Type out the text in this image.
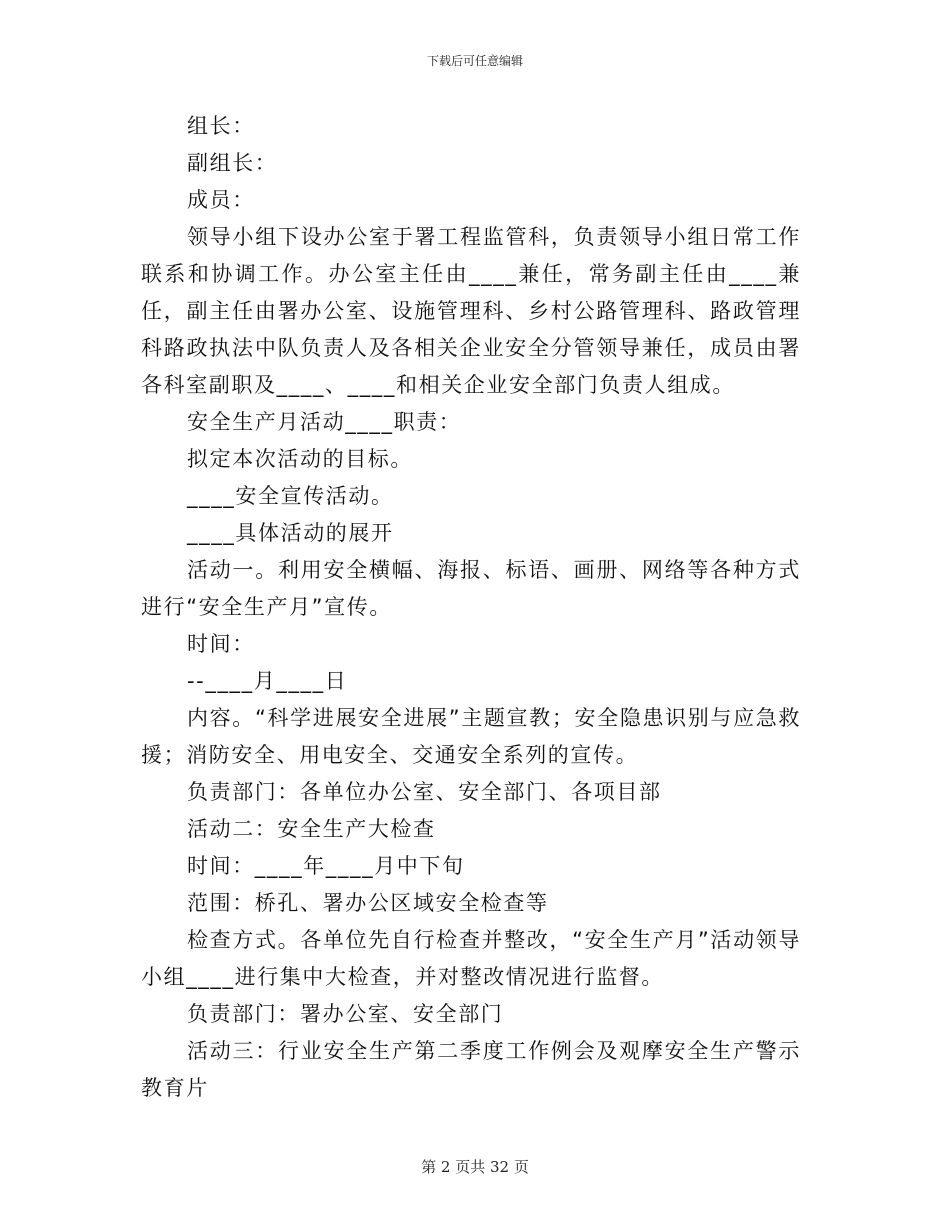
下载后可任意编辑

组长：

副组长：

成员：

领导小组下设办公室于署工程监管科，负责领导小组日常工作联系和协调工作。办公室主任由____兼任，常务副主任由____兼任，副主任由署办公室、设施管理科、乡村公路管理科、路政管理科路政执法中队负责人及各相关企业安全分管领导兼任，成员由署各科室副职及____、____和相关企业安全部门负责人组成。

安全生产月活动____职责：

拟定本次活动的目标。

____安全宣传活动。

____具体活动的展开

活动一。利用安全横幅、海报、标语、画册、网络等各种方式进行“安全生产月”宣传。

时间：

--____月____日

内容。“科学进展安全进展”主题宣教；安全隐患识别与应急救援；消防安全、用电安全、交通安全系列的宣传。

负责部门：各单位办公室、安全部门、各项目部

活动二：安全生产大检查

时间：____年____月中下旬

范围：桥孔、署办公区域安全检查等

检查方式。各单位先自行检查并整改，“安全生产月”活动领导小组____进行集中大检查，并对整改情况进行监督。

负责部门：署办公室、安全部门

活动三：行业安全生产第二季度工作例会及观摩安全生产警示教育片

第 2 页共 32 页
